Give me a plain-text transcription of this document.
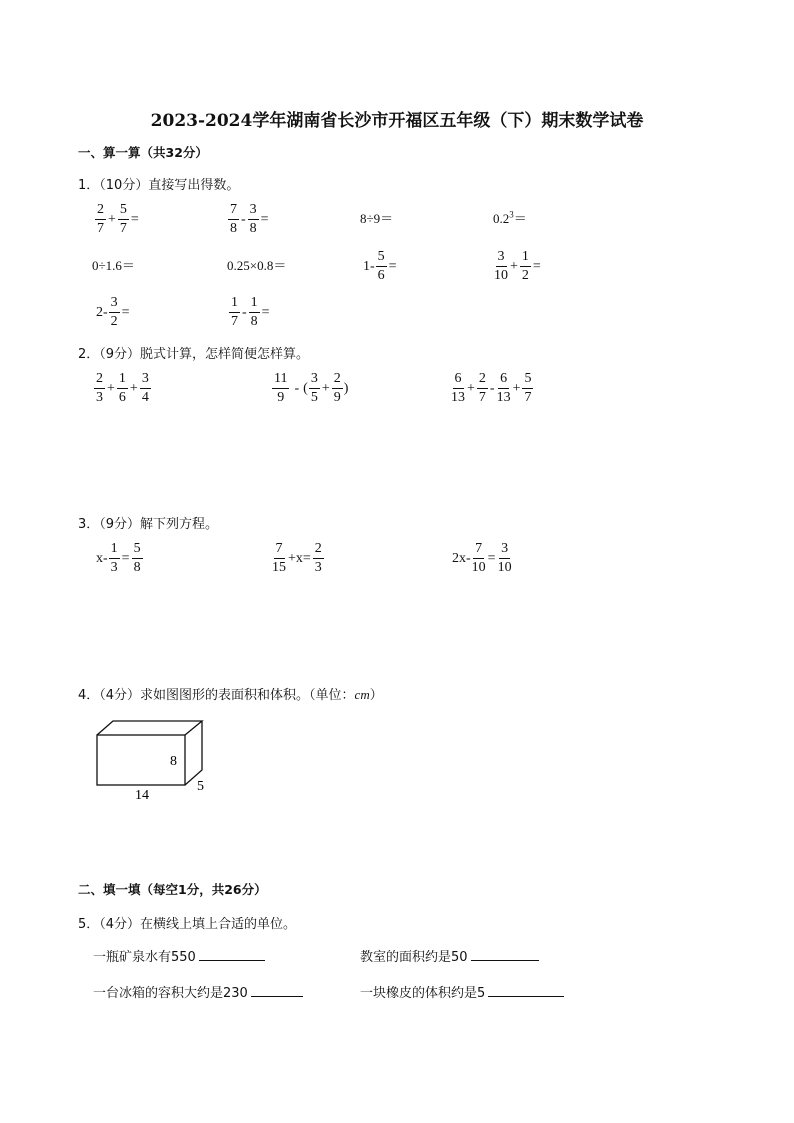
2023-2024学年湖南省长沙市开福区五年级（下）期末数学试卷
一、算一算（共32分）
1．（10分）直接写出得数。
$\frac{2}{7} + \frac{5}{7}$ =	$\frac{7}{8} - \frac{3}{8}$ =	8÷9＝	$0.2^3=$
0÷1.6＝	0.25×0.8＝	$1- \frac{5}{6}$ =	$\frac{3}{10} + \frac{1}{2}$ =
$2- \frac{3}{2}$ =	$\frac{1}{7} - \frac{1}{8}$ =
2．（9分）脱式计算，怎样简便怎样算。
$\frac{2}{3} + \frac{1}{6} + \frac{3}{4}$	$\frac{11}{9}$ - ( $\frac{3}{5} + \frac{2}{9}$ )	$\frac{6}{13} + \frac{2}{7} - \frac{6}{13} + \frac{5}{7}$
3．（9分）解下列方程。
$x- \frac{1}{3} = \frac{5}{8}$	$\frac{7}{15} +x= \frac{2}{3}$	$2x- \frac{7}{10} = \frac{3}{10}$
4．（4分）求如图图形的表面积和体积。（单位：cm）
8
14
5
二、填一填（每空1分，共26分）
5．（4分）在横线上填上合适的单位。
一瓶矿泉水有550	教室的面积约是50
一台冰箱的容积大约是230	一块橡皮的体积约是5
